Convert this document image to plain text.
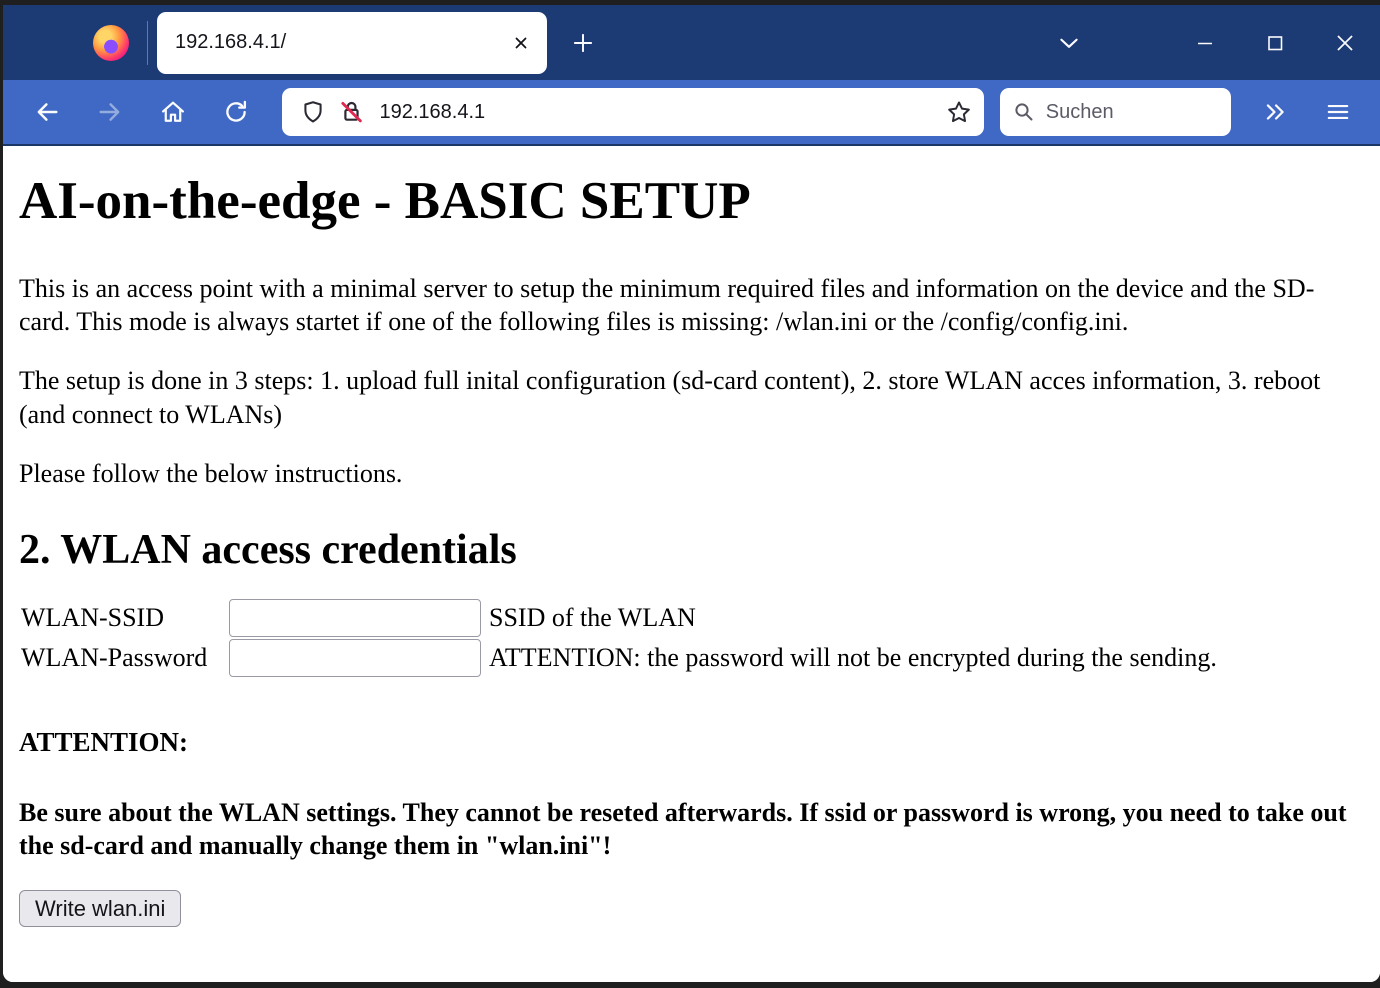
192.168.4.1/
192.168.4.1	Suchen
AI-on-the-edge - BASIC SETUP

This is an access point with a minimal server to setup the minimum required files and information on the device and the SD-card. This mode is always startet if one of the following files is missing: /wlan.ini or the /config/config.ini.

The setup is done in 3 steps: 1. upload full inital configuration (sd-card content), 2. store WLAN acces information, 3. reboot (and connect to WLANs)

Please follow the below instructions.

2. WLAN access credentials
WLAN-SSID		SSID of the WLAN
WLAN-Password		ATTENTION: the password will not be encrypted during the sending.

ATTENTION:

Be sure about the WLAN settings. They cannot be reseted afterwards. If ssid or password is wrong, you need to take out the sd-card and manually change them in "wlan.ini"!

Write wlan.ini
